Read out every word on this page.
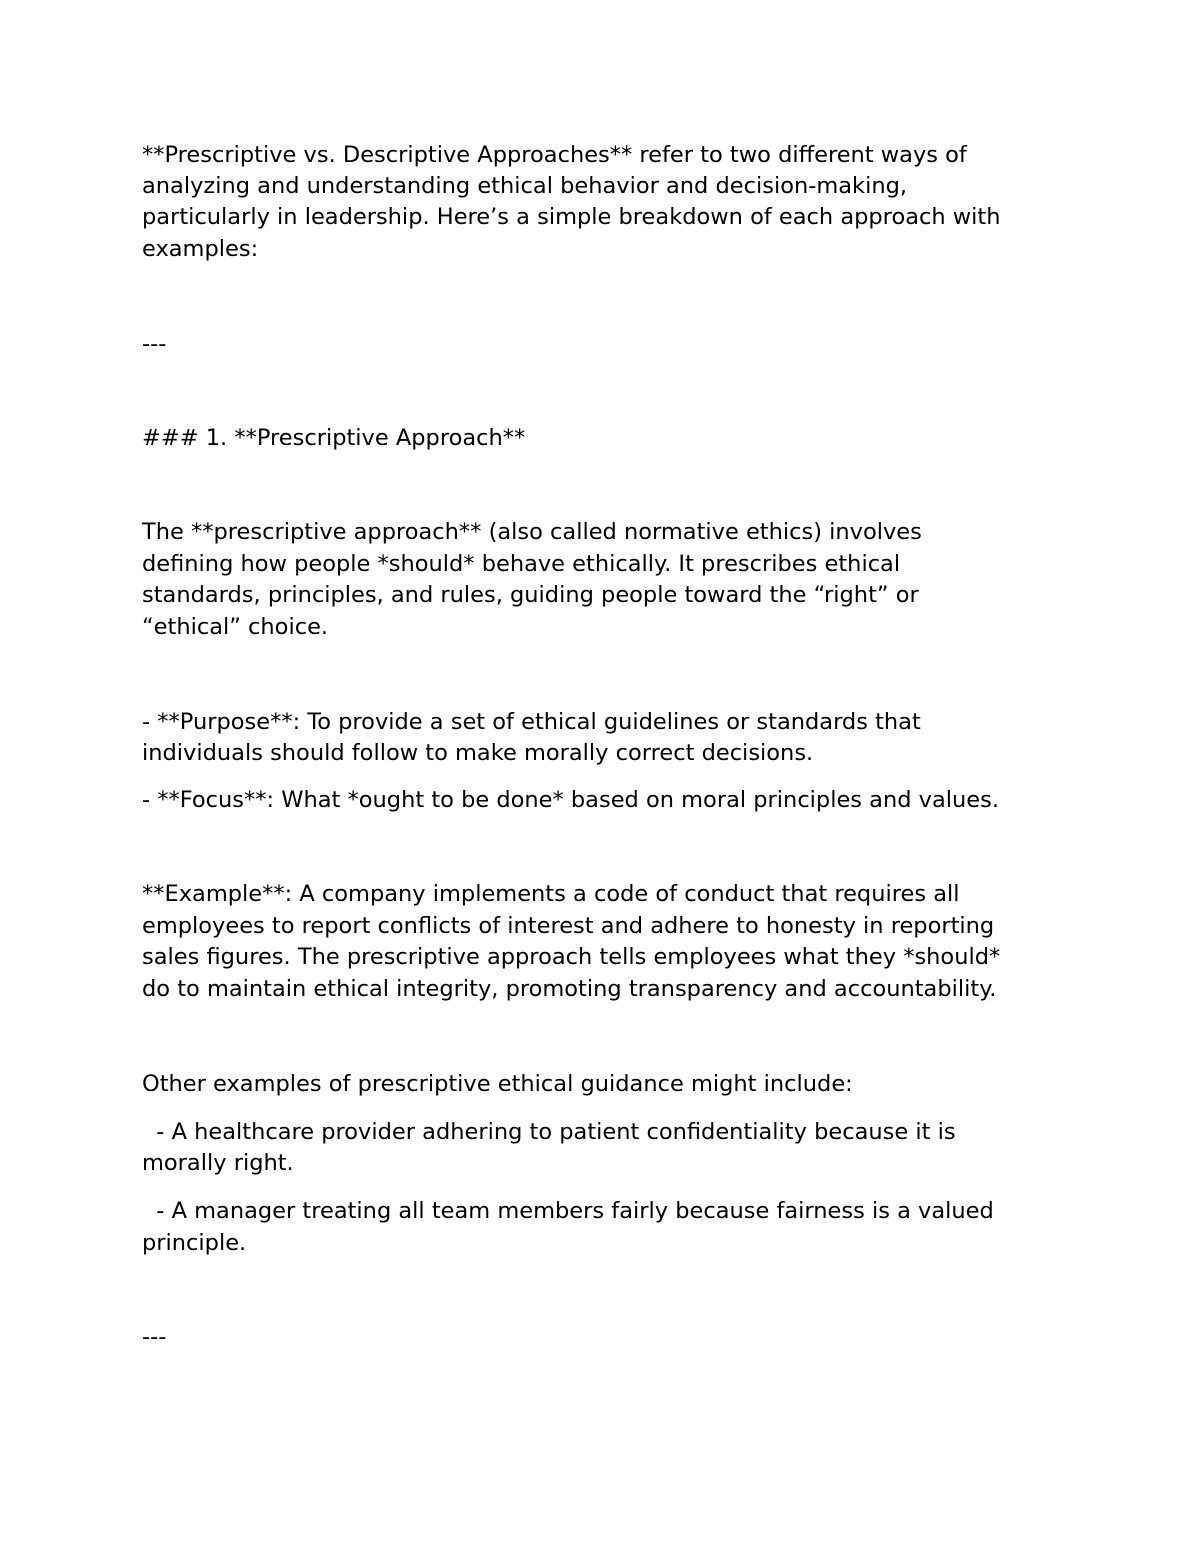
**Prescriptive vs. Descriptive Approaches** refer to two different ways of
analyzing and understanding ethical behavior and decision-making,
particularly in leadership. Here’s a simple breakdown of each approach with
examples:
---
### 1. **Prescriptive Approach**
The **prescriptive approach** (also called normative ethics) involves
defining how people *should* behave ethically. It prescribes ethical
standards, principles, and rules, guiding people toward the “right” or
“ethical” choice.
- **Purpose**: To provide a set of ethical guidelines or standards that
individuals should follow to make morally correct decisions.
- **Focus**: What *ought to be done* based on moral principles and values.
**Example**: A company implements a code of conduct that requires all
employees to report conflicts of interest and adhere to honesty in reporting
sales figures. The prescriptive approach tells employees what they *should*
do to maintain ethical integrity, promoting transparency and accountability.
Other examples of prescriptive ethical guidance might include:
- A healthcare provider adhering to patient confidentiality because it is
morally right.
- A manager treating all team members fairly because fairness is a valued
principle.
---
